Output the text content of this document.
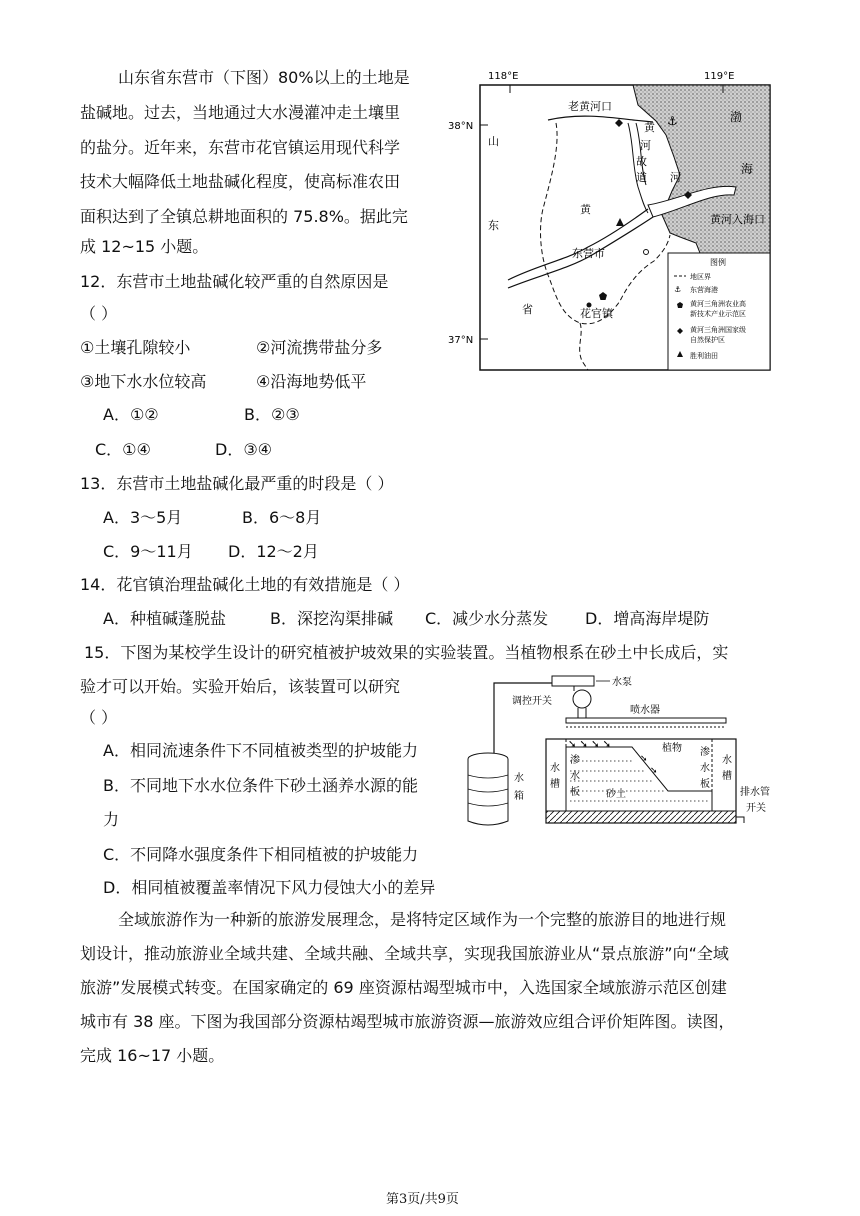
山东省东营市（下图）80%以上的土地是
盐碱地。过去，当地通过大水漫灌冲走土壤里
的盐分。近年来，东营市花官镇运用现代科学
技术大幅降低土地盐碱化程度，使高标准农田
面积达到了全镇总耕地面积的 75.8%。据此完
成 12~15 小题。
12．东营市土地盐碱化较严重的自然原因是
（ ）
①土壤孔隙较小	②河流携带盐分多
③地下水水位较高	④沿海地势低平
A．①②	B．②③
C．①④	D．③④
13．东营市土地盐碱化最严重的时段是（ ）
A．3～5月	B．6～8月
C．9～11月 D．12～2月
14．花官镇治理盐碱化土地的有效措施是（ ）
A．种植碱蓬脱盐	B．深挖沟渠排碱 C．减少水分蒸发 D．增高海岸堤防
15．下图为某校学生设计的研究植被护坡效果的实验装置。当植物根系在砂土中长成后，实
验才可以开始。实验开始后，该装置可以研究
（ ）
A．相同流速条件下不同植被类型的护坡能力
B．不同地下水水位条件下砂土涵养水源的能
力
C．不同降水强度条件下相同植被的护坡能力
D．相同植被覆盖率情况下风力侵蚀大小的差异
全域旅游作为一种新的旅游发展理念，是将特定区域作为一个完整的旅游目的地进行规
划设计，推动旅游业全域共建、全域共融、全域共享，实现我国旅游业从“景点旅游”向“全域
旅游”发展模式转变。在国家确定的 69 座资源枯竭型城市中，入选国家全域旅游示范区创建
城市有 38 座。下图为我国部分资源枯竭型城市旅游资源—旅游效应组合评价矩阵图。读图，
完成 16~17 小题。
第3页/共9页
⚓
118°E	119°E
38°N
37°N
老黄河口
渤
海
黄
河
故
道 河
黄
黄河入海口
山
东
省
东营市
花官镇
图例
地区界
⚓ 东营海港
黄河三角洲农业高
新技术产业示范区
黄河三角洲国家级
自然保护区
胜利油田
水泵
调控开关
喷水器
水
箱
➘ ➘ ➘ ➘
➘
➘
植物
渗
水
板
水
槽
砂土
渗
水
板
水
槽
排水管
开关
